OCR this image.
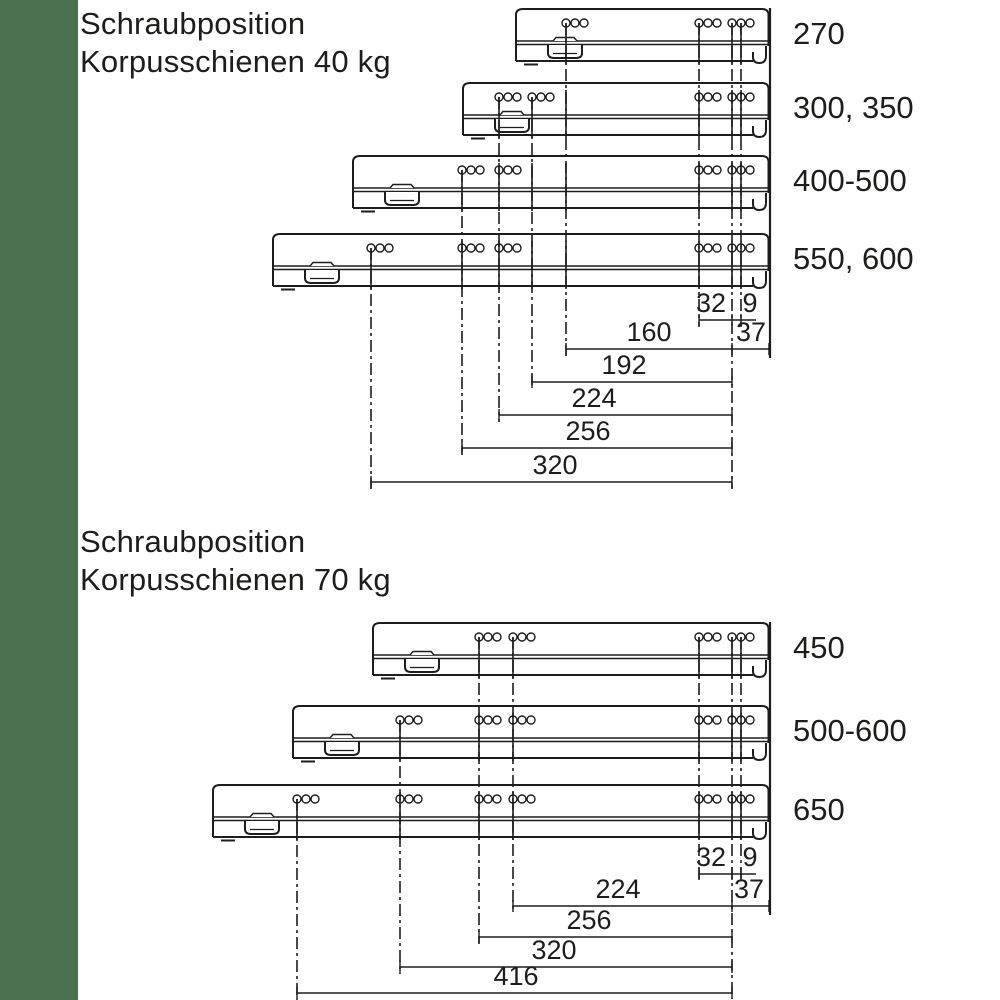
Schraubposition
Korpusschienen 40 kg
Schraubposition
Korpusschienen 70 kg
32 9
160 37
192
224
256
320
270
300, 350
400-500
550, 600
32 9
224	37
256
320
416
450
500-600
650
